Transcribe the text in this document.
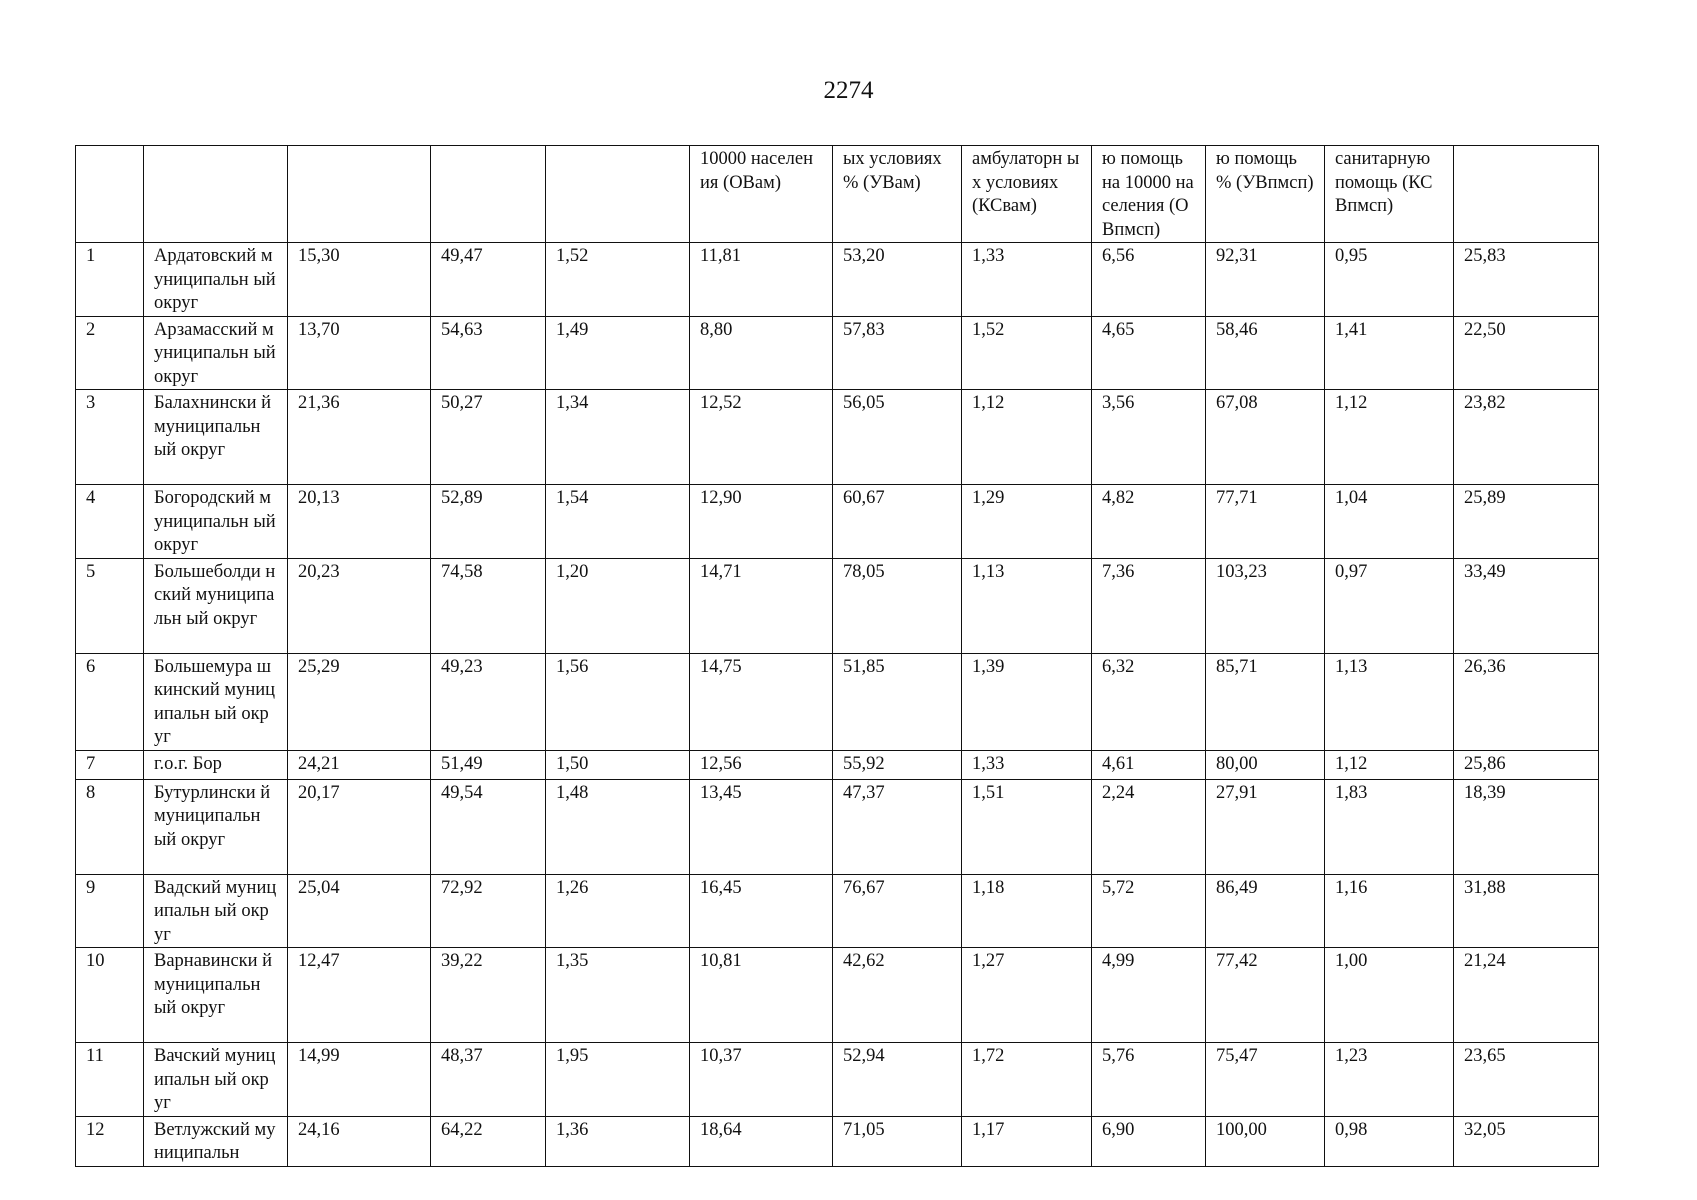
2274
					10000 населения (ОВам)	ых условиях % (УВам)	амбулаторн ых условиях (КСвам)	ю помощь на 10000 населения (ОВпмсп)	ю помощь % (УВпмсп)	санитарную помощь (КСВпмсп)	
1	Ардатовский муниципальн ый округ	15,30	49,47	1,52	11,81	53,20	1,33	6,56	92,31	0,95	25,83
2	Арзамасский муниципальн ый округ	13,70	54,63	1,49	8,80	57,83	1,52	4,65	58,46	1,41	22,50
3	Балахнински й муниципальн ый округ	21,36	50,27	1,34	12,52	56,05	1,12	3,56	67,08	1,12	23,82
4	Богородский муниципальн ый округ	20,13	52,89	1,54	12,90	60,67	1,29	4,82	77,71	1,04	25,89
5	Большеболди нский муниципальн ый округ	20,23	74,58	1,20	14,71	78,05	1,13	7,36	103,23	0,97	33,49
6	Большемура шкинский муниципальн ый округ	25,29	49,23	1,56	14,75	51,85	1,39	6,32	85,71	1,13	26,36
7	г.о.г. Бор	24,21	51,49	1,50	12,56	55,92	1,33	4,61	80,00	1,12	25,86
8	Бутурлински й муниципальн ый округ	20,17	49,54	1,48	13,45	47,37	1,51	2,24	27,91	1,83	18,39
9	Вадский муниципальн ый округ	25,04	72,92	1,26	16,45	76,67	1,18	5,72	86,49	1,16	31,88
10	Варнавински й муниципальн ый округ	12,47	39,22	1,35	10,81	42,62	1,27	4,99	77,42	1,00	21,24
11	Вачский муниципальн ый округ	14,99	48,37	1,95	10,37	52,94	1,72	5,76	75,47	1,23	23,65
12	Ветлужский муниципальн	24,16	64,22	1,36	18,64	71,05	1,17	6,90	100,00	0,98	32,05
